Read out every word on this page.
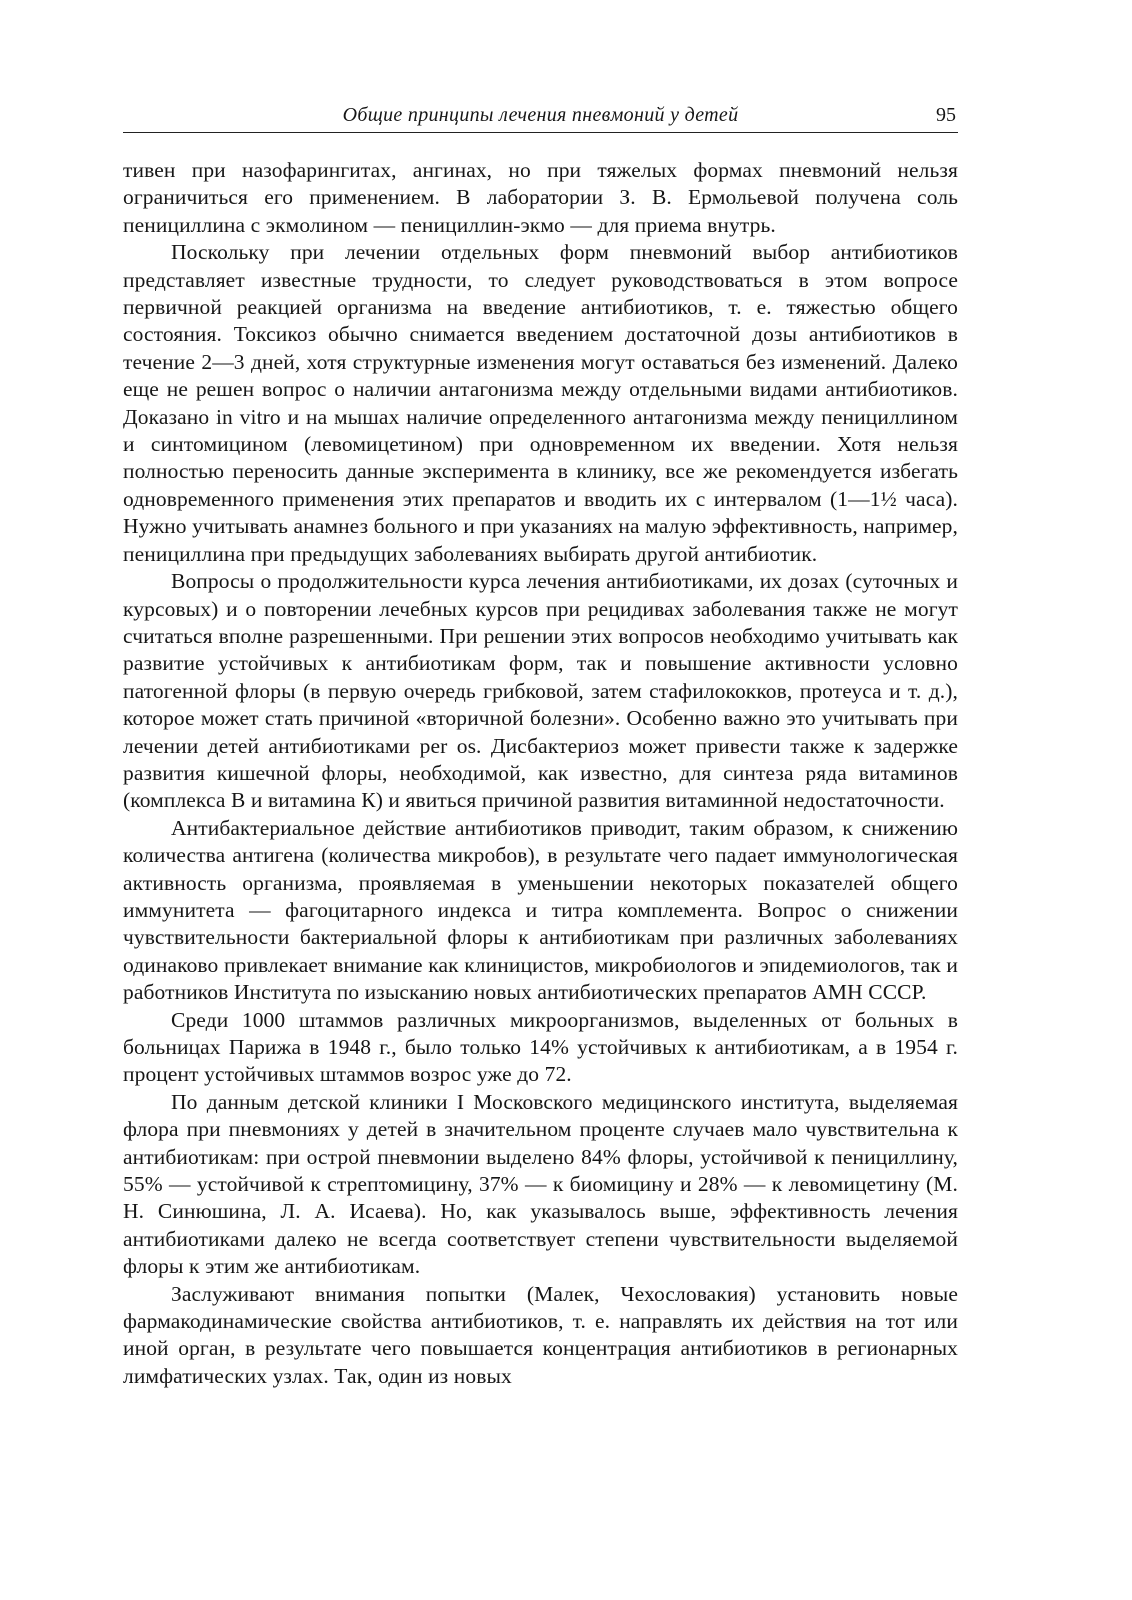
Общие принципы лечения пневмоний у детей	95

тивен при назофарингитах, ангинах, но при тяжелых формах пневмоний нельзя ограничиться его применением. В лаборатории З. В. Ермольевой получена соль пенициллина с экмолином — пенициллин-экмо — для приема внутрь.

Поскольку при лечении отдельных форм пневмоний выбор антибиотиков представляет известные трудности, то следует руководствоваться в этом вопросе первичной реакцией организма на введение антибиотиков, т. е. тяжестью общего состояния. Токсикоз обычно снимается введением достаточной дозы антибиотиков в течение 2—3 дней, хотя структурные изменения могут оставаться без изменений. Далеко еще не решен вопрос о наличии антагонизма между отдельными видами антибиотиков. Доказано in vitro и на мышах наличие определенного антагонизма между пенициллином и синтомицином (левомицетином) при одновременном их введении. Хотя нельзя полностью переносить данные эксперимента в клинику, все же рекомендуется избегать одновременного применения этих препаратов и вводить их с интервалом (1—1½ часа). Нужно учитывать анамнез больного и при указаниях на малую эффективность, например, пенициллина при предыдущих заболеваниях выбирать другой антибиотик.

Вопросы о продолжительности курса лечения антибиотиками, их дозах (суточных и курсовых) и о повторении лечебных курсов при рецидивах заболевания также не могут считаться вполне разрешенными. При решении этих вопросов необходимо учитывать как развитие устойчивых к антибиотикам форм, так и повышение активности условно патогенной флоры (в первую очередь грибковой, затем стафилококков, протеуса и т. д.), которое может стать причиной «вторичной болезни». Особенно важно это учитывать при лечении детей антибиотиками per os. Дисбактериоз может привести также к задержке развития кишечной флоры, необходимой, как известно, для синтеза ряда витаминов (комплекса В и витамина К) и явиться причиной развития витаминной недостаточности.

Антибактериальное действие антибиотиков приводит, таким образом, к снижению количества антигена (количества микробов), в результате чего падает иммунологическая активность организма, проявляемая в уменьшении некоторых показателей общего иммунитета — фагоцитарного индекса и титра комплемента. Вопрос о снижении чувствительности бактериальной флоры к антибиотикам при различных заболеваниях одинаково привлекает внимание как клиницистов, микробиологов и эпидемиологов, так и работников Института по изысканию новых антибиотических препаратов АМН СССР.

Среди 1000 штаммов различных микроорганизмов, выделенных от больных в больницах Парижа в 1948 г., было только 14% устойчивых к антибиотикам, а в 1954 г. процент устойчивых штаммов возрос уже до 72.

По данным детской клиники I Московского медицинского института, выделяемая флора при пневмониях у детей в значительном проценте случаев мало чувствительна к антибиотикам: при острой пневмонии выделено 84% флоры, устойчивой к пенициллину, 55% — устойчивой к стрептомицину, 37% — к биомицину и 28% — к левомицетину (М. Н. Синюшина, Л. А. Исаева). Но, как указывалось выше, эффективность лечения антибиотиками далеко не всегда соответствует степени чувствительности выделяемой флоры к этим же антибиотикам.

Заслуживают внимания попытки (Малек, Чехословакия) установить новые фармакодинамические свойства антибиотиков, т. е. направлять их действия на тот или иной орган, в результате чего повышается концентрация антибиотиков в регионарных лимфатических узлах. Так, один из новых
